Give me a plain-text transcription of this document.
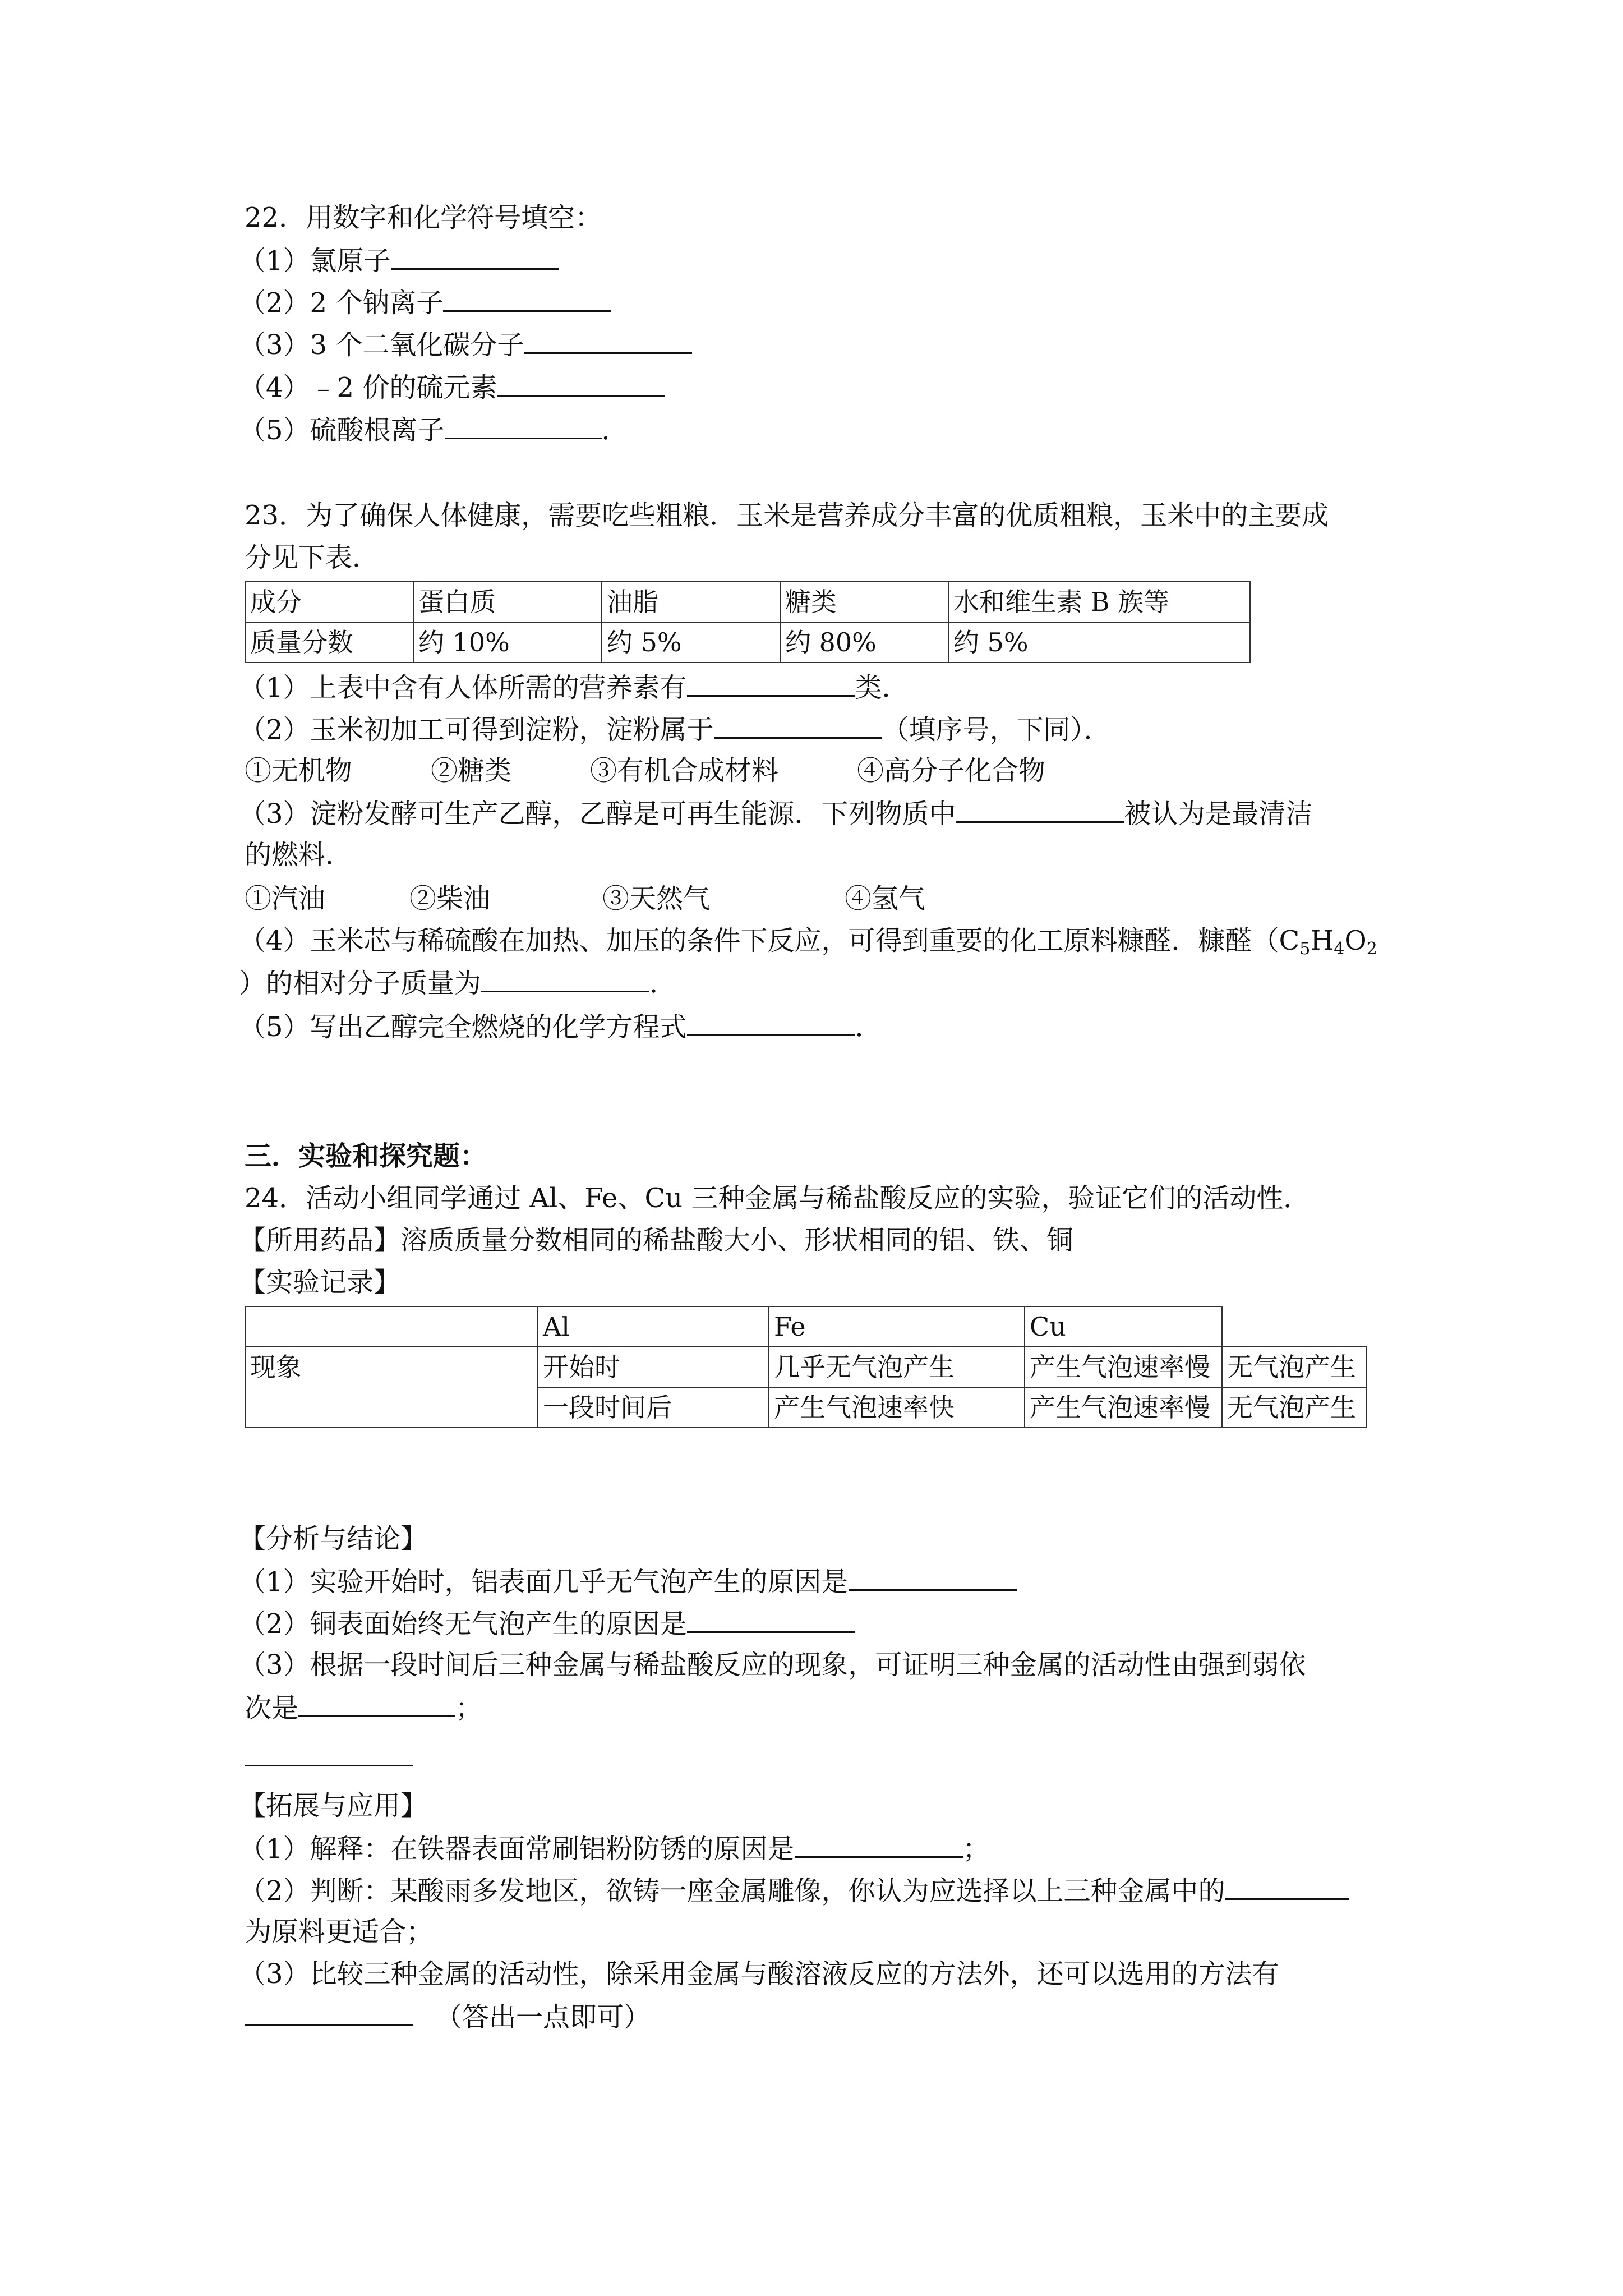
22．用数字和化学符号填空：
（1）氯原子
（2）2 个钠离子
（3）3 个二氧化碳分子
（4）﹣2 价的硫元素
（5）硫酸根离子	．
23．为了确保人体健康，需要吃些粗粮．玉米是营养成分丰富的优质粗粮，玉米中的主要成
分见下表．
成分	蛋白质	油脂	糖类	水和维生素 B 族等
质量分数	约 10%	约 5%	约 80%	约 5%
（1）上表中含有人体所需的营养素有	类．
（2）玉米初加工可得到淀粉，淀粉属于	（填序号，下同）．
①无机物	②糖类	③有机合成材料	④高分子化合物
（3）淀粉发酵可生产乙醇，乙醇是可再生能源．下列物质中	被认为是最清洁
的燃料．
①汽油	②柴油	③天然气	④氢气
（4）玉米芯与稀硫酸在加热、加压的条件下反应，可得到重要的化工原料糠醛．糠醛（$C_5H_4O_2$
）的相对分子质量为	．
（5）写出乙醇完全燃烧的化学方程式	．
三．实验和探究题：
24．活动小组同学通过 Al、Fe、Cu 三种金属与稀盐酸反应的实验，验证它们的活动性．
【所用药品】溶质质量分数相同的稀盐酸大小、形状相同的铝、铁、铜
【实验记录】
	Al	Fe	Cu	
现象	开始时	几乎无气泡产生	产生气泡速率慢	无气泡产生
	一段时间后	产生气泡速率快	产生气泡速率慢	无气泡产生
【分析与结论】
（1）实验开始时，铝表面几乎无气泡产生的原因是
（2）铜表面始终无气泡产生的原因是
（3）根据一段时间后三种金属与稀盐酸反应的现象，可证明三种金属的活动性由强到弱依
次是	；
【拓展与应用】
（1）解释：在铁器表面常刷铝粉防锈的原因是	；
（2）判断：某酸雨多发地区，欲铸一座金属雕像，你认为应选择以上三种金属中的
为原料更适合；
（3）比较三种金属的活动性，除采用金属与酸溶液反应的方法外，还可以选用的方法有
（答出一点即可）
